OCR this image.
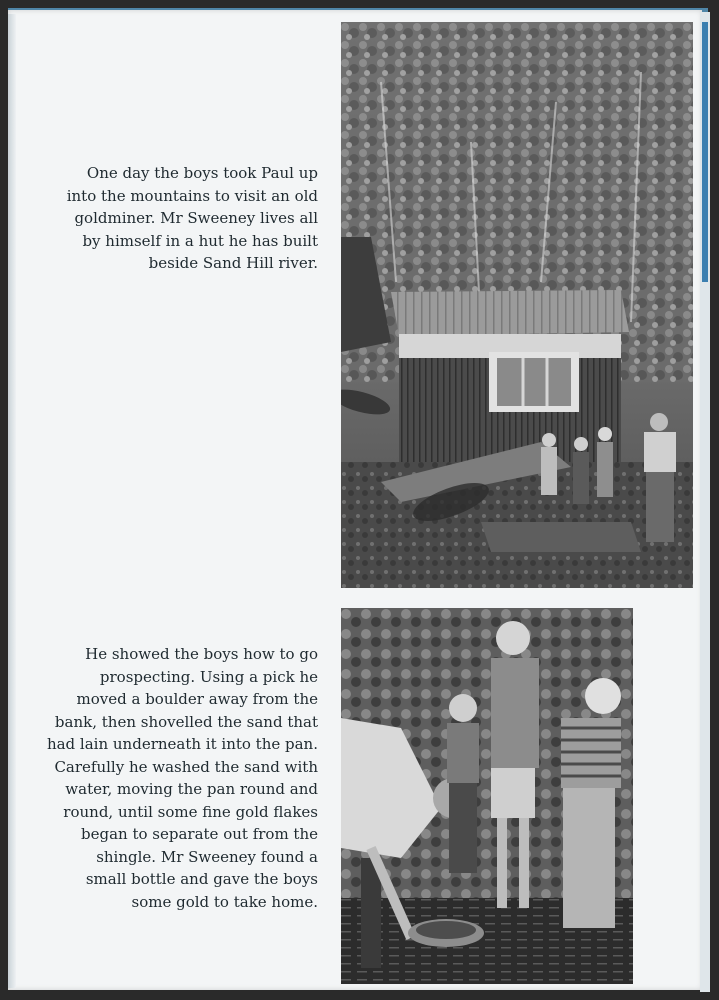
One day the boys took Paul up
into the mountains to visit an old
goldminer. Mr Sweeney lives all
by himself in a hut he has built
beside Sand Hill river.
He showed the boys how to go
prospecting. Using a pick he
moved a boulder away from the
bank, then shovelled the sand that
had lain underneath it into the pan.
Carefully he washed the sand with
water, moving the pan round and
round, until some fine gold flakes
began to separate out from the
shingle. Mr Sweeney found a
small bottle and gave the boys
some gold to take home.
